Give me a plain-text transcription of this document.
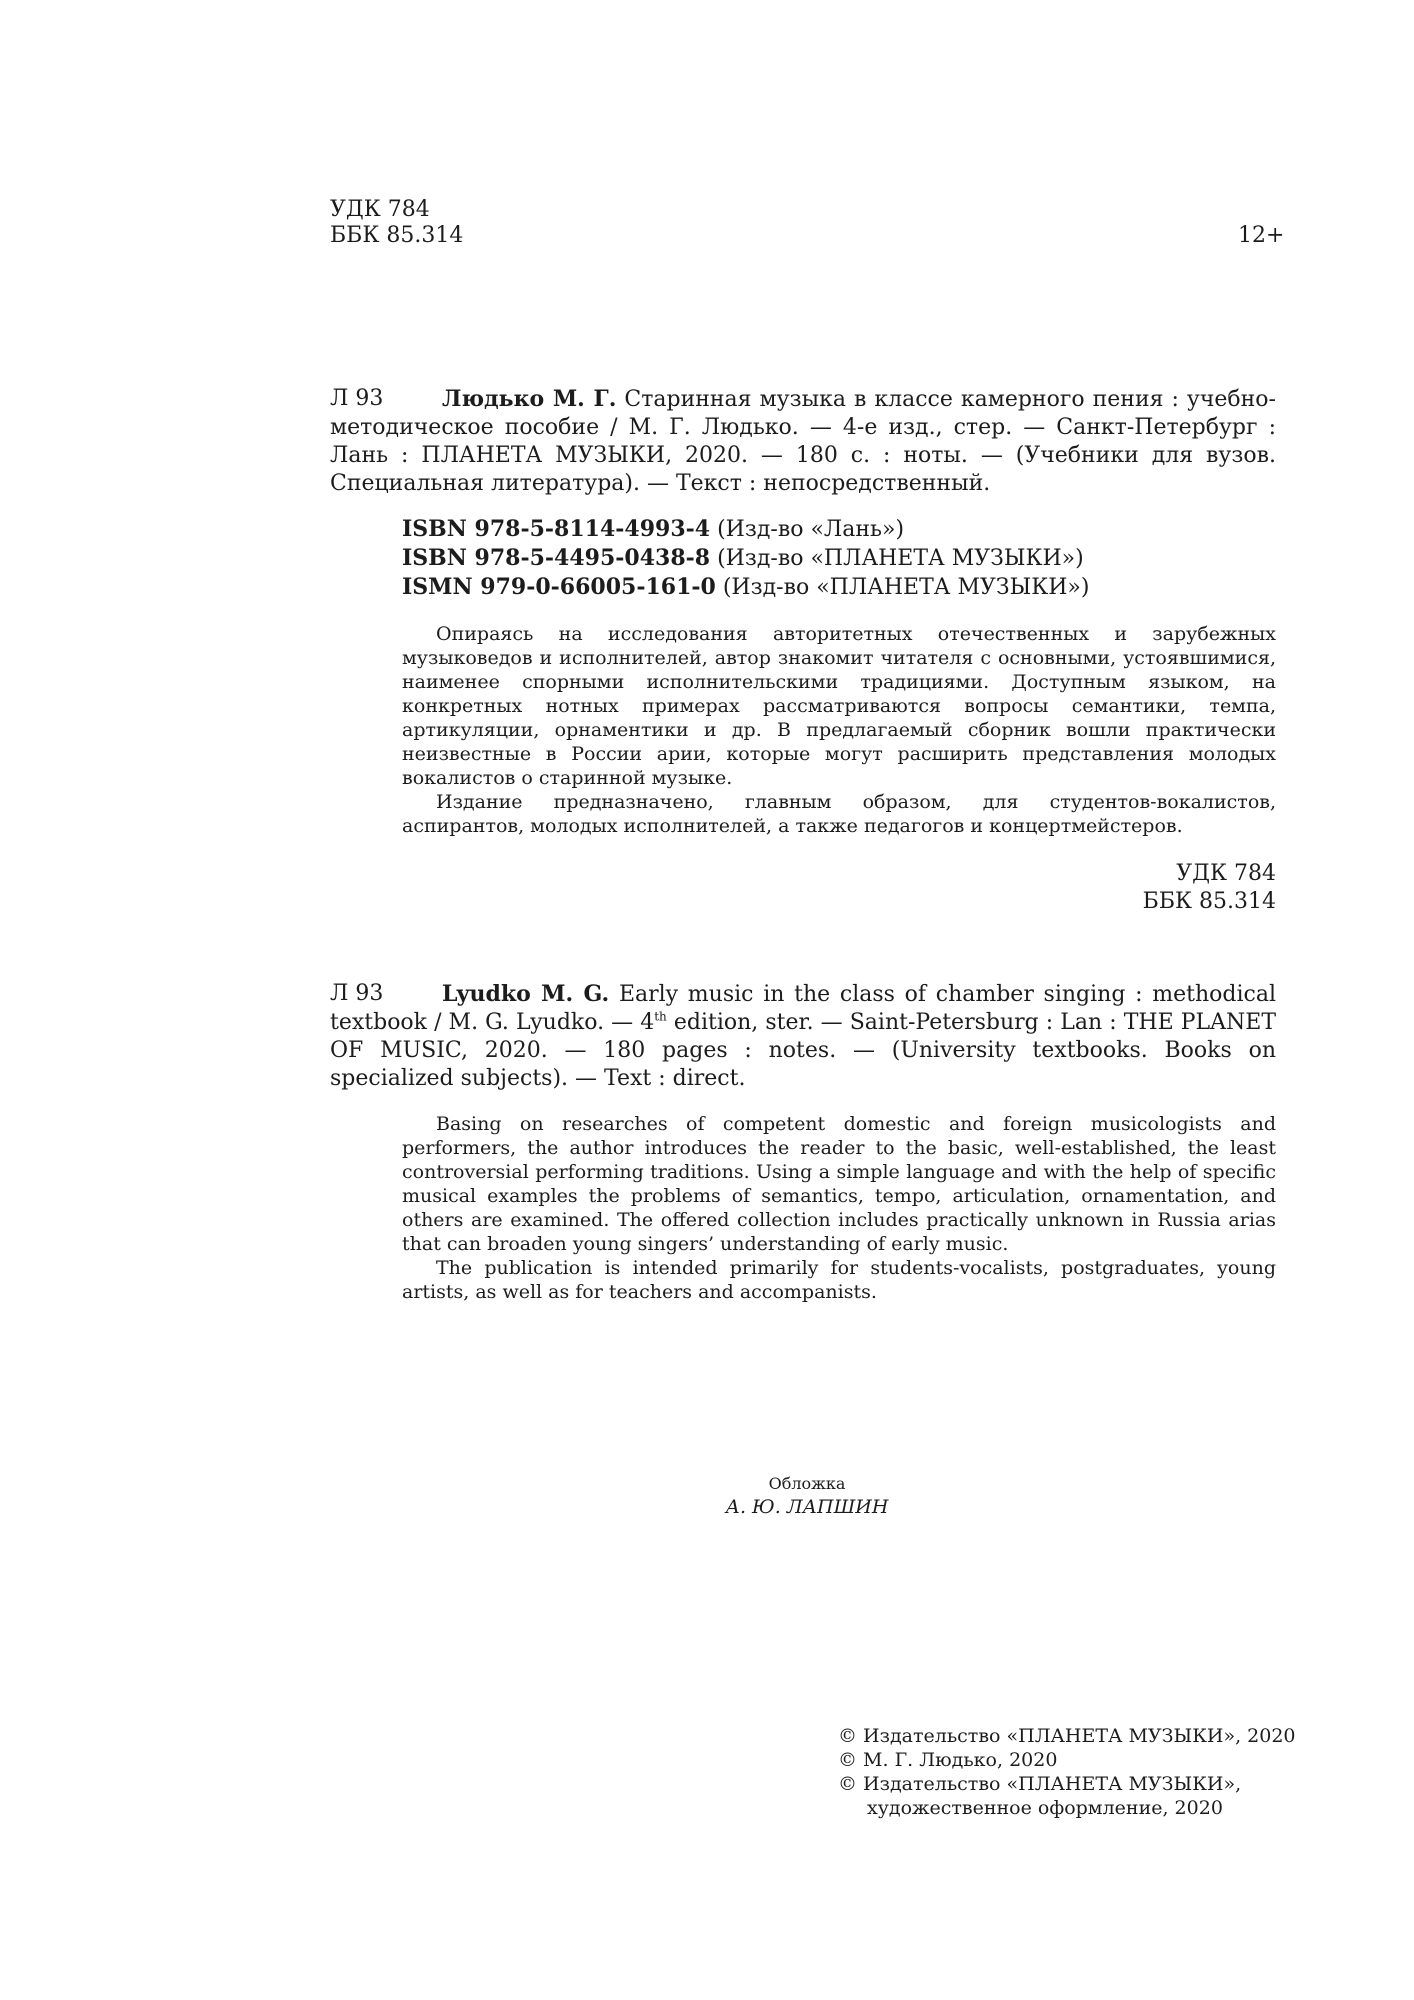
УДК 784
ББК 85.314	12+
Л 93	Людько М. Г. Старинная музыка в классе камерного пения : учебно-методическое пособие / М. Г. Людько. — 4-е изд., стер. — Санкт-Петербург : Лань : ПЛАНЕТА МУЗЫКИ, 2020. — 180 с. : ноты. — (Учебники для вузов. Специальная литература). — Текст : непосредственный.
ISBN 978-5-8114-4993-4 (Изд-во «Лань»)
ISBN 978-5-4495-0438-8 (Изд-во «ПЛАНЕТА МУЗЫКИ»)
ISMN 979-0-66005-161-0 (Изд-во «ПЛАНЕТА МУЗЫКИ»)

Опираясь на исследования авторитетных отечественных и зарубежных музыковедов и исполнителей, автор знакомит читателя с основными, устоявшимися, наименее спорными исполнительскими традициями. Доступным языком, на конкретных нотных примерах рассматриваются вопросы семантики, темпа, артикуляции, орнаментики и др. В предлагаемый сборник вошли практически неизвестные в России арии, которые могут расширить представления молодых вокалистов о старинной музыке.

Издание предназначено, главным образом, для студентов-вокалистов, аспирантов, молодых исполнителей, а также педагогов и концертмейстеров.

УДК 784
ББК 85.314
Л 93	Lyudko M. G. Early music in the class of chamber singing : methodical textbook / M. G. Lyudko. — 4th edition, ster. — Saint-Petersburg : Lan : THE PLANET OF MUSIC, 2020. — 180 pages : notes. — (University textbooks. Books on specialized subjects). — Text : direct.

Basing on researches of competent domestic and foreign musicologists and performers, the author introduces the reader to the basic, well-established, the least controversial performing traditions. Using a simple language and with the help of specific musical examples the problems of semantics, tempo, articulation, ornamentation, and others are examined. The offered collection includes practically unknown in Russia arias that can broaden young singers’ understanding of early music.

The publication is intended primarily for students-vocalists, postgraduates, young artists, as well as for teachers and accompanists.

Обложка
А. Ю. ЛАПШИН
© Издательство «ПЛАНЕТА МУЗЫКИ», 2020
© М. Г. Людько, 2020
© Издательство «ПЛАНЕТА МУЗЫКИ»,
художественное оформление, 2020
